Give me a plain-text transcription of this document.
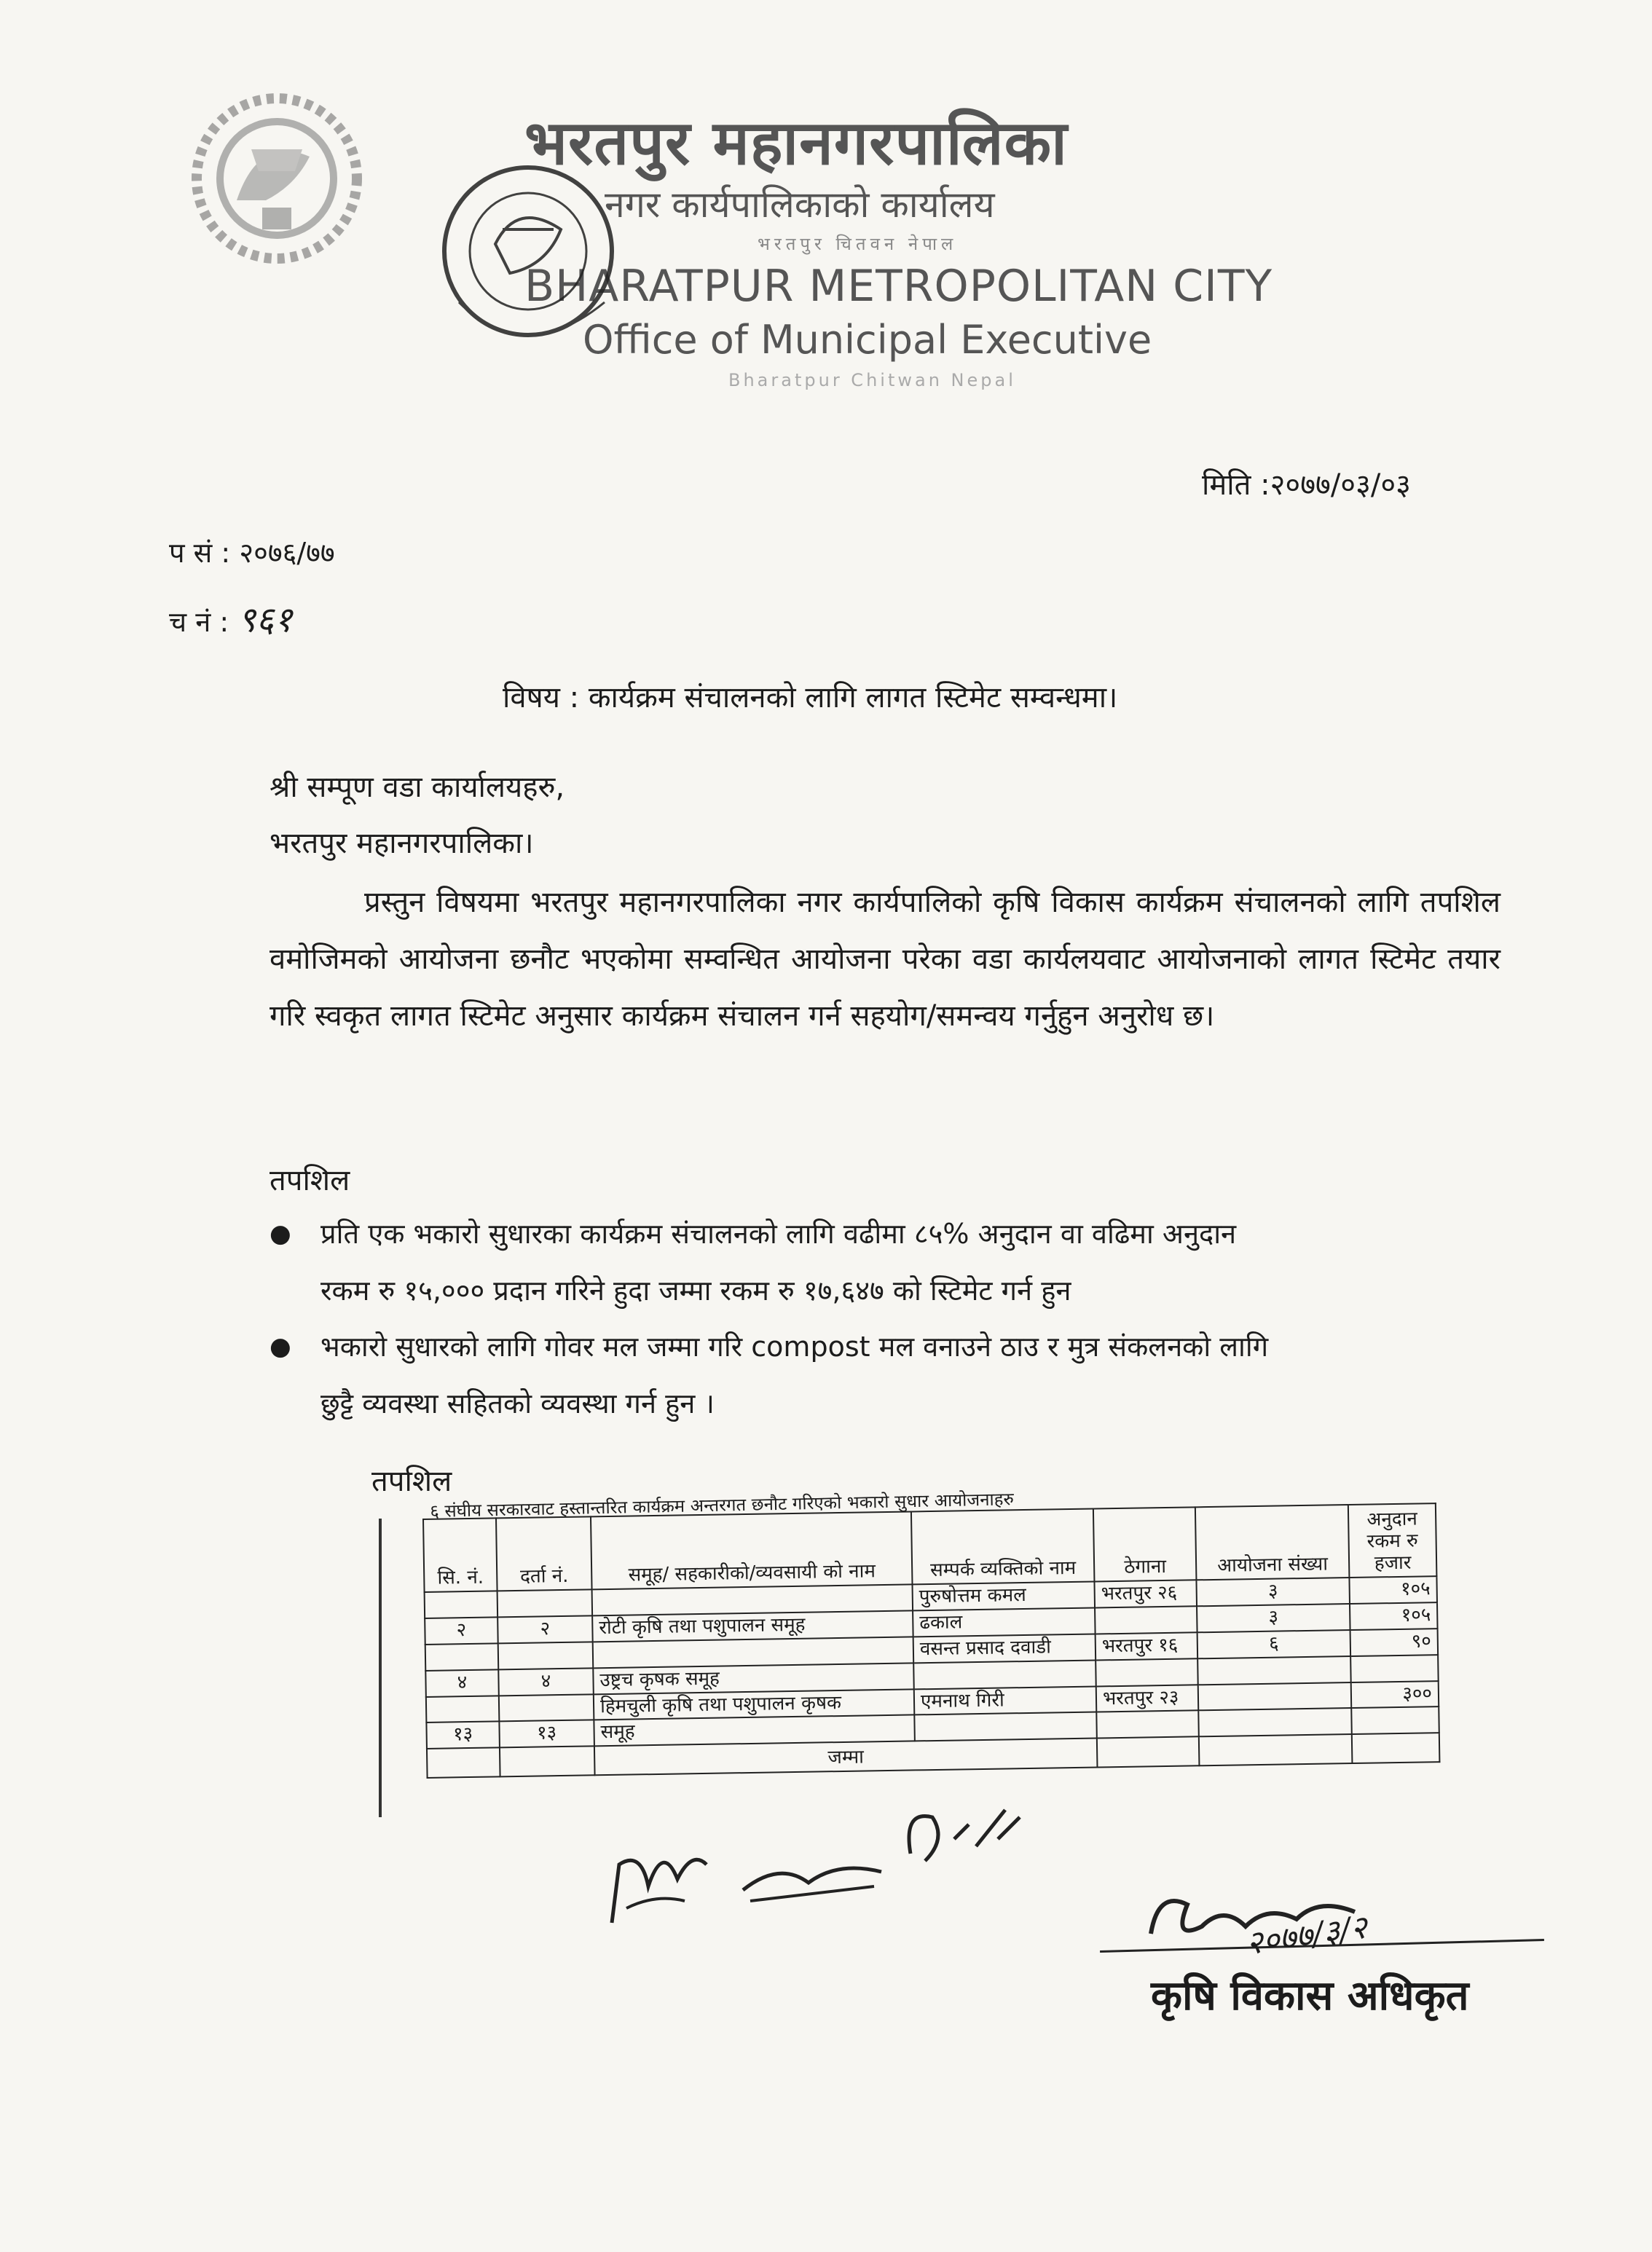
भरतपुर महानगरपालिका
नगर कार्यपालिकाको कार्यालय
भरतपुर चितवन नेपाल
BHARATPUR METROPOLITAN CITY
Office of Municipal Executive
Bharatpur Chitwan Nepal
मिति :२०७७/०३/०३
प सं : २०७६/७७
च नं : ९६१
विषय : कार्यक्रम संचालनको लागि लागत स्टिमेट सम्वन्धमा।
श्री सम्पूण वडा कार्यालयहरु,
भरतपुर महानगरपालिका।
प्रस्तुन विषयमा भरतपुर महानगरपालिका नगर कार्यपालिको कृषि विकास कार्यक्रम संचालनको लागि तपशिल वमोजिमको आयोजना छनौट भएकोमा सम्वन्धित आयोजना परेका वडा कार्यलयवाट आयोजनाको लागत स्टिमेट तयार गरि स्वकृत लागत स्टिमेट अनुसार कार्यक्रम संचालन गर्न सहयोग/समन्वय गर्नुहुन अनुरोध छ।
तपशिल
● प्रति एक भकारो सुधारका कार्यक्रम संचालनको लागि वढीमा ८५% अनुदान वा वढिमा अनुदान
रकम रु १५,००० प्रदान गरिने हुदा जम्मा रकम रु १७,६४७ को स्टिमेट गर्न हुन
● भकारो सुधारको लागि गोवर मल जम्मा गरि compost मल वनाउने ठाउ र मुत्र संकलनको लागि
छुट्टै व्यवस्था सहितको व्यवस्था गर्न हुन ।
तपशिल
६ संघीय सरकारवाट हस्तान्तरित कार्यक्रम अन्तरगत छनौट गरिएको भकारो सुधार आयोजनाहरु
सि. नं.	दर्ता नं.	समूह/ सहकारीको/व्यवसायी को नाम	सम्पर्क व्यक्तिको नाम	ठेगाना	आयोजना संख्या	अनुदान रकम रु हजार
			पुरुषोत्तम कमल	भरतपुर २६	३	१०५
२	२	रोटी कृषि तथा पशुपालन समूह	ढकाल		३	१०५
			वसन्त प्रसाद दवाडी	भरतपुर १६	६	९०
४	४	उष्ट्रच कृषक समूह				
		हिमचुली कृषि तथा पशुपालन कृषक	एमनाथ गिरी	भरतपुर २३		३००
१३	१३	समूह				
		जम्मा				
२०७७/३/२
कृषि विकास अधिकृत
